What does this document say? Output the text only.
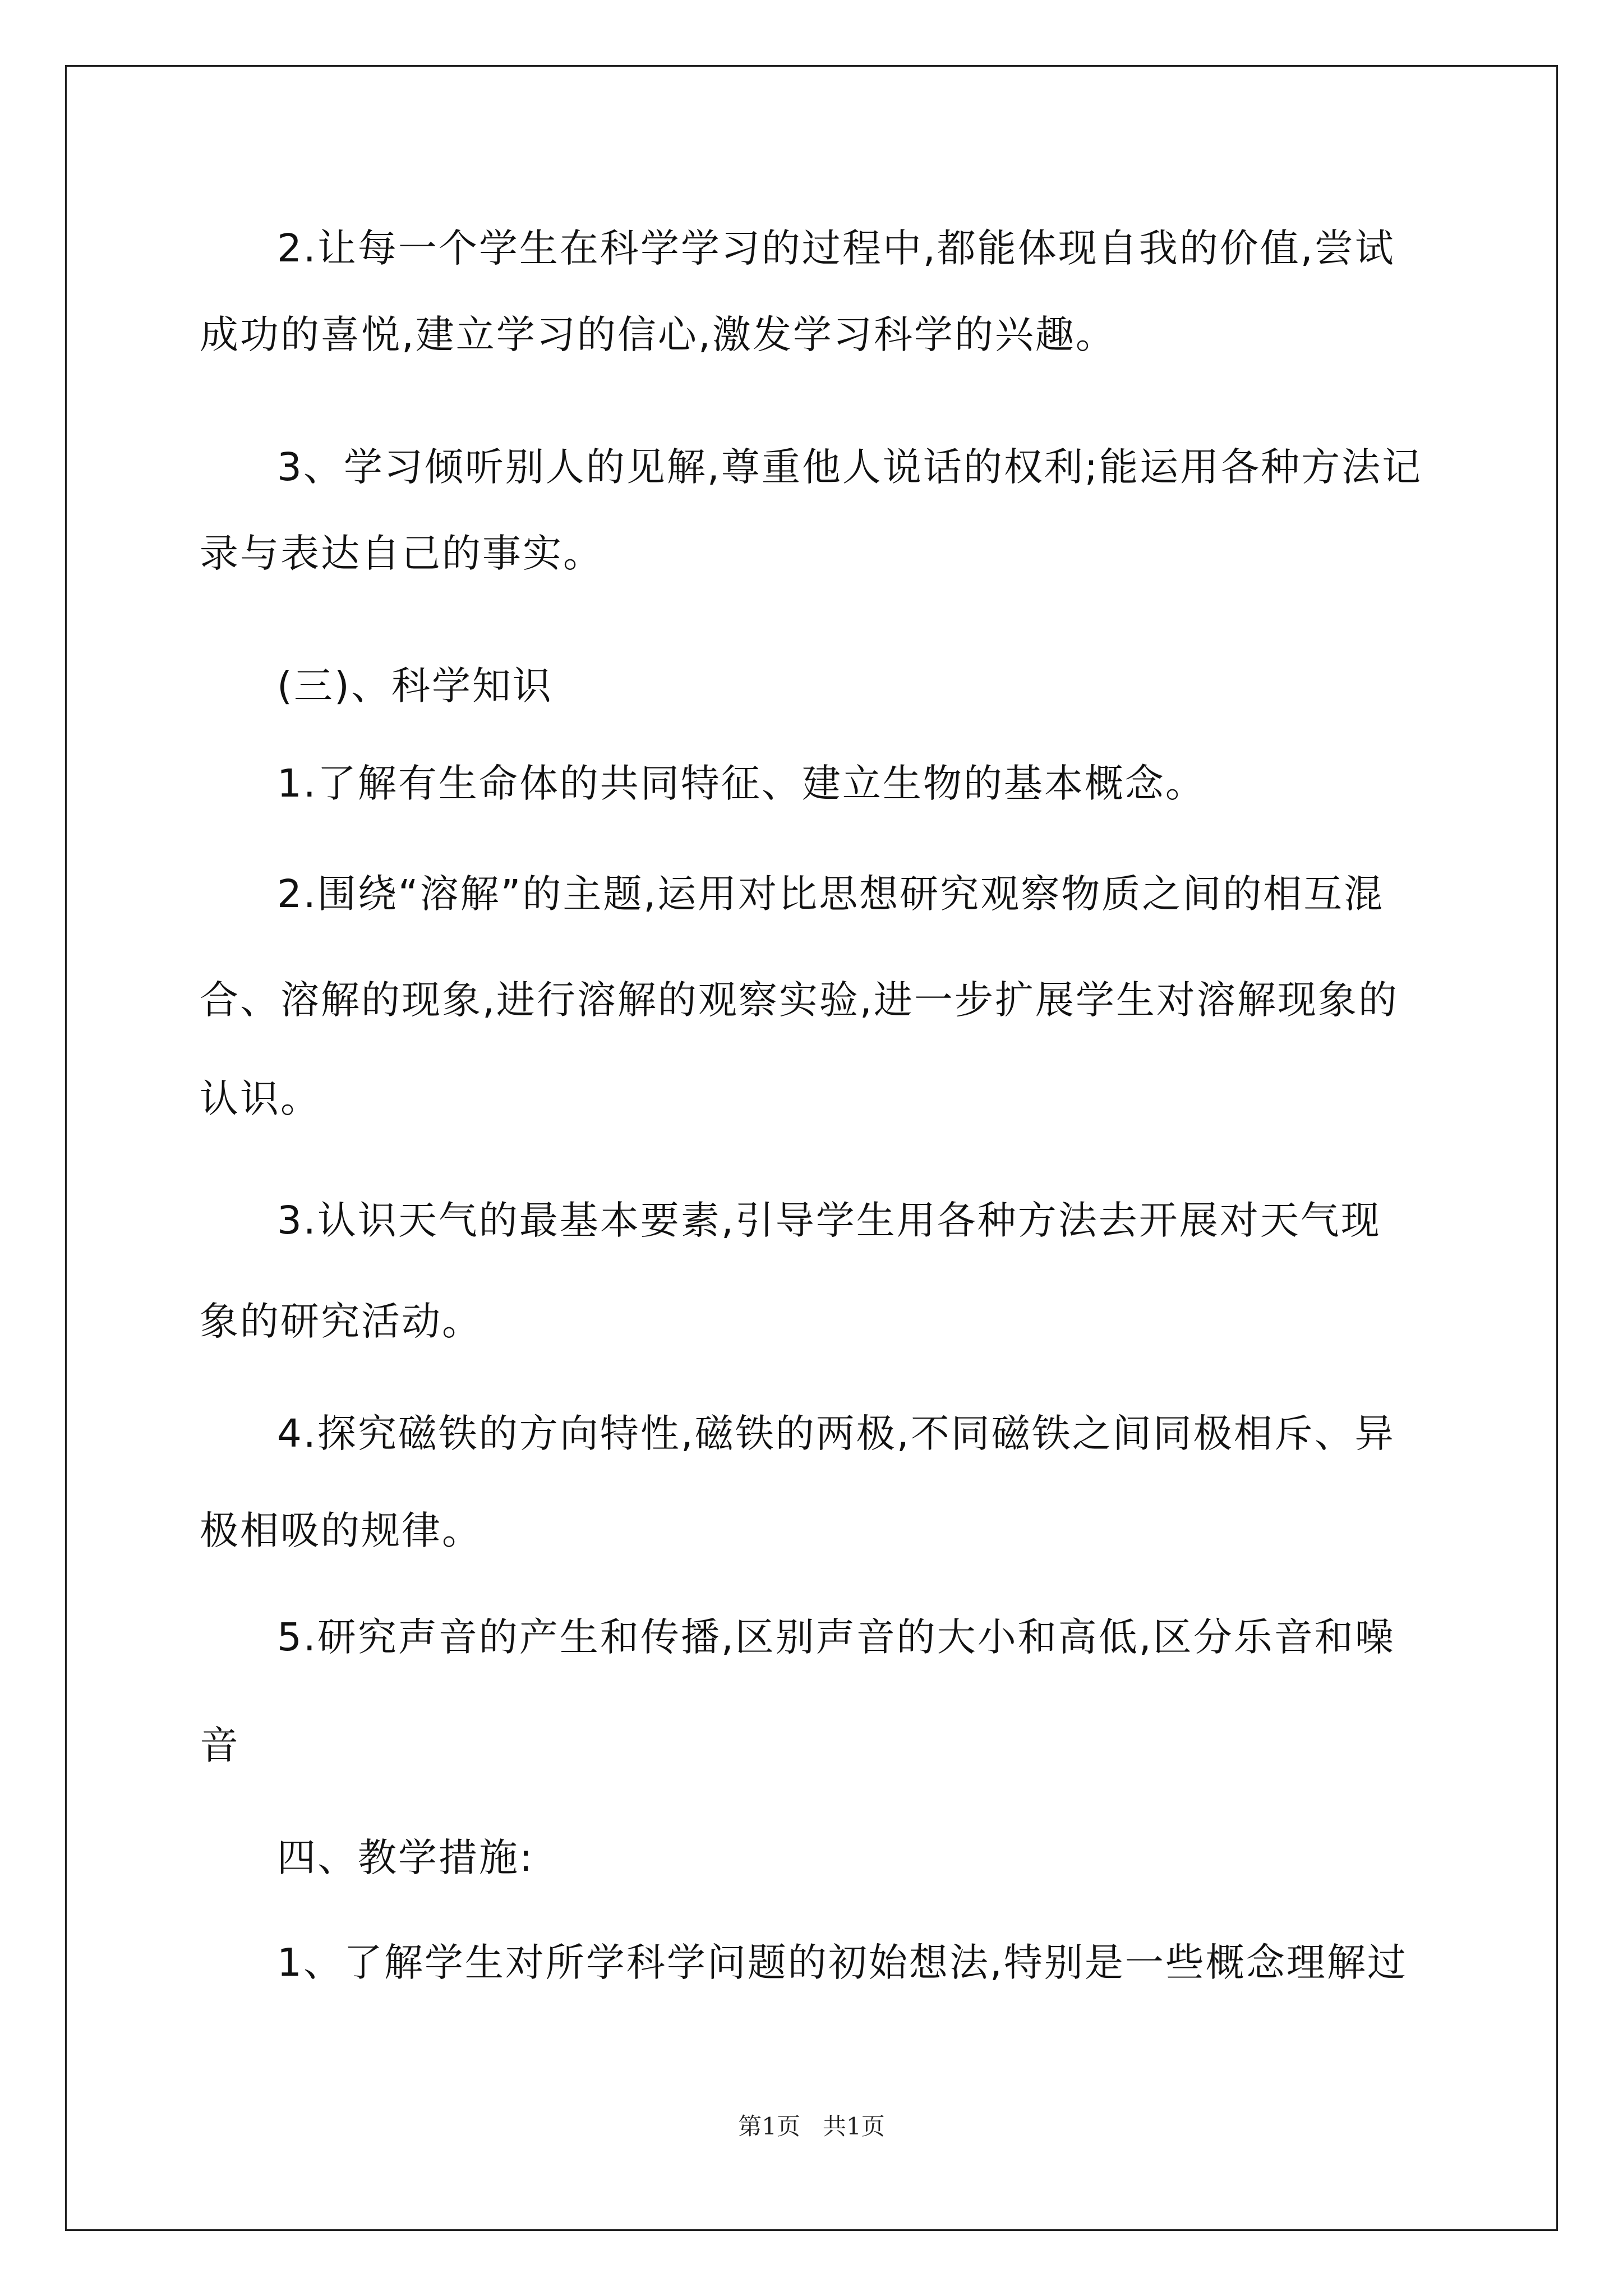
2.让每一个学生在科学学习的过程中,都能体现自我的价值,尝试
成功的喜悦,建立学习的信心,激发学习科学的兴趣。
3、学习倾听别人的见解,尊重他人说话的权利;能运用各种方法记
录与表达自己的事实。
(三)、科学知识
1.了解有生命体的共同特征、建立生物的基本概念。
2.围绕“溶解”的主题,运用对比思想研究观察物质之间的相互混
合、溶解的现象,进行溶解的观察实验,进一步扩展学生对溶解现象的
认识。
3.认识天气的最基本要素,引导学生用各种方法去开展对天气现
象的研究活动。
4.探究磁铁的方向特性,磁铁的两极,不同磁铁之间同极相斥、异
极相吸的规律。
5.研究声音的产生和传播,区别声音的大小和高低,区分乐音和噪
音
四、教学措施:
1、了解学生对所学科学问题的初始想法,特别是一些概念理解过
第1页   共1页
